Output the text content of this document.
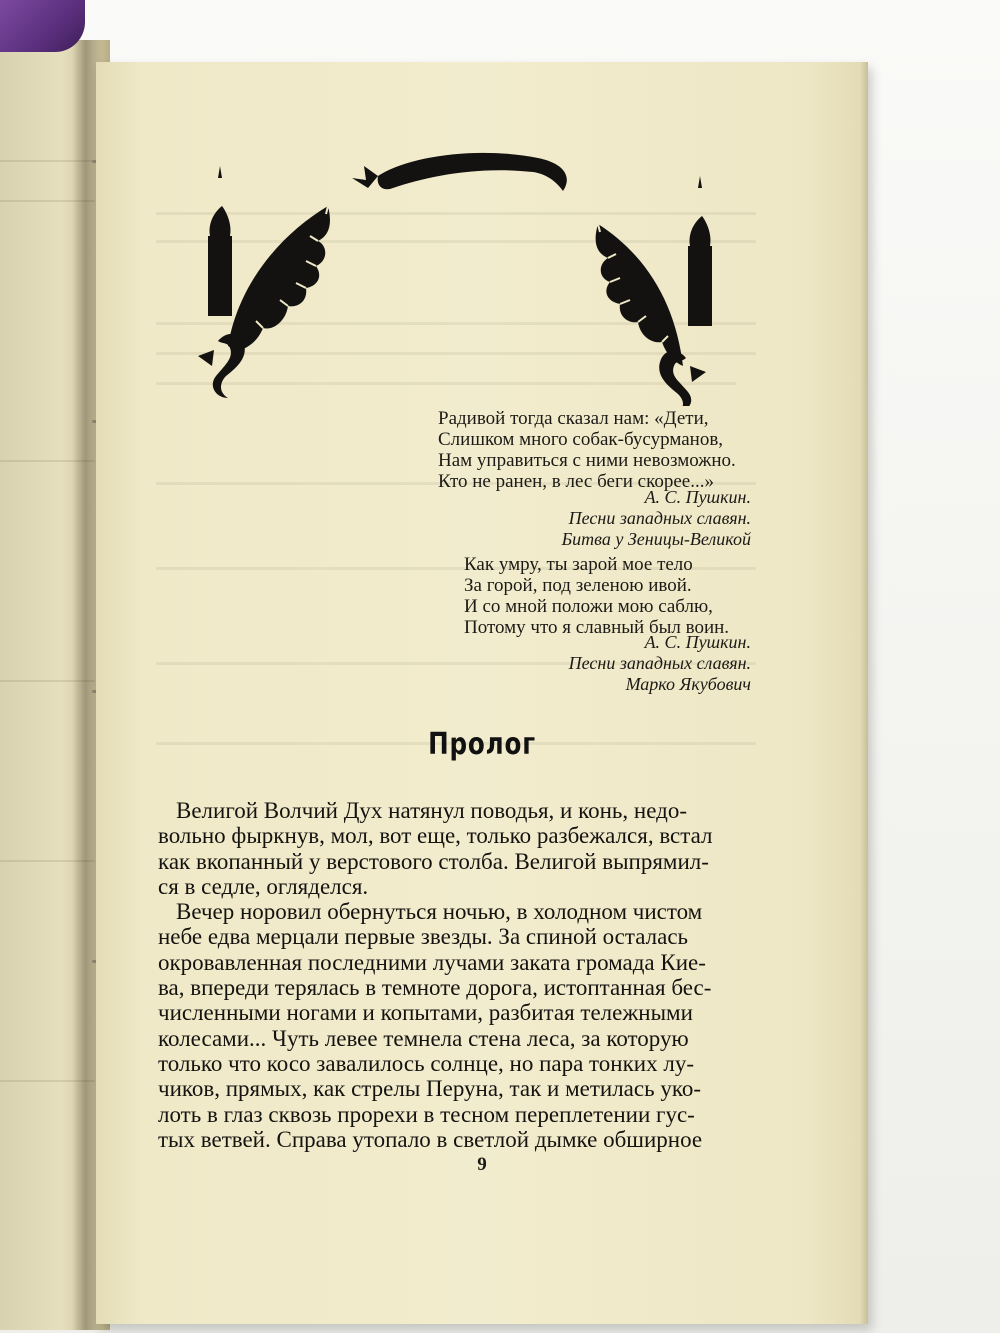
Радивой тогда сказал нам: «Дети,
Слишком много собак-бусурманов,
Нам управиться с ними невозможно.
Кто не ранен, в лес беги скорее...»
А. С. Пушкин.
Песни западных славян.
Битва у Зеницы-Великой
Как умру, ты зарой мое тело
За горой, под зеленою ивой.
И со мной положи мою саблю,
Потому что я славный был воин.
А. С. Пушкин.
Песни западных славян.
Марко Якубович
Пролог
Велигой Волчий Дух натянул поводья, и конь, недо-
вольно фыркнув, мол, вот еще, только разбежался, встал
как вкопанный у верстового столба. Велигой выпрямил-
ся в седле, огляделся.
Вечер норовил обернуться ночью, в холодном чистом
небе едва мерцали первые звезды. За спиной осталась
окровавленная последними лучами заката громада Кие-
ва, впереди терялась в темноте дорога, истоптанная бес-
численными ногами и копытами, разбитая тележными
колесами... Чуть левее темнела стена леса, за которую
только что косо завалилось солнце, но пара тонких лу-
чиков, прямых, как стрелы Перуна, так и метилась уко-
лоть в глаз сквозь прорехи в тесном переплетении гус-
тых ветвей. Справа утопало в светлой дымке обширное
9
